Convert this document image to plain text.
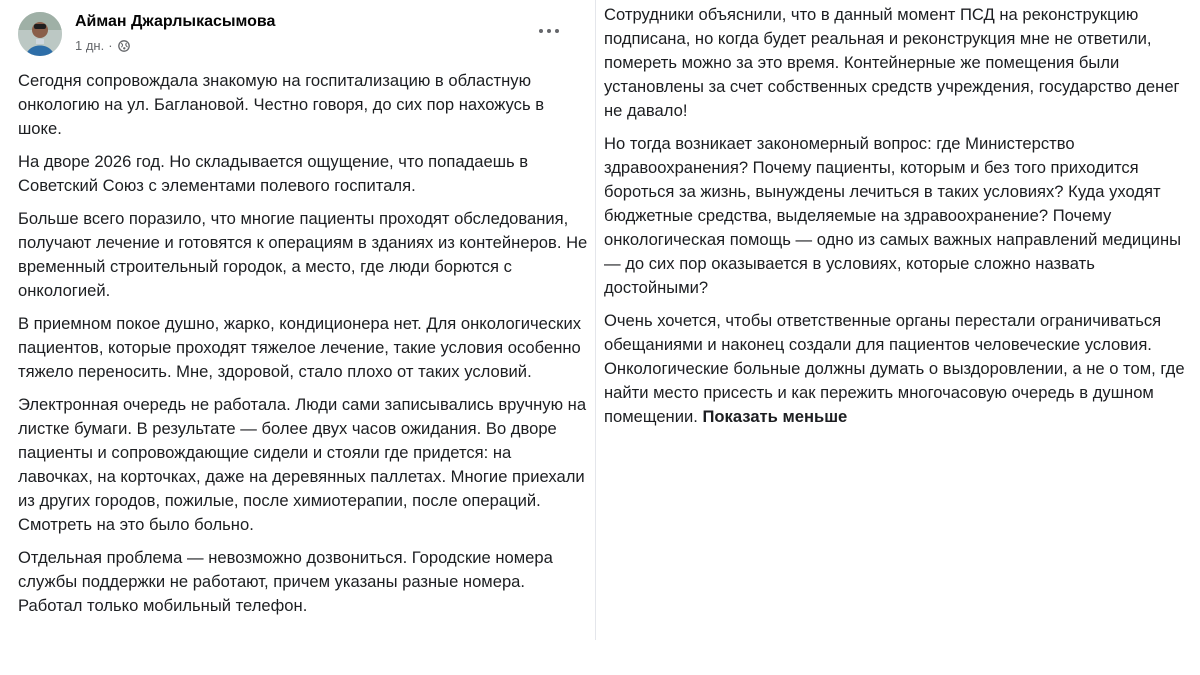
Айман Джарлыкасымова
1 дн. ·

Сегодня сопровождала знакомую на госпитализацию в областную онкологию на ул. Баглановой. Честно говоря, до сих пор нахожусь в шоке.

На дворе 2026 год. Но складывается ощущение, что попадаешь в Советский Союз с элементами полевого госпиталя.

Больше всего поразило, что многие пациенты проходят обследования, получают лечение и готовятся к операциям в зданиях из контейнеров. Не временный строительный городок, а место, где люди борются с онкологией.

В приемном покое душно, жарко, кондиционера нет. Для онкологических пациентов, которые проходят тяжелое лечение, такие условия особенно тяжело переносить. Мне, здоровой, стало плохо от таких условий.

Электронная очередь не работала. Люди сами записывались вручную на листке бумаги. В результате — более двух часов ожидания. Во дворе пациенты и сопровождающие сидели и стояли где придется: на лавочках, на корточках, даже на деревянных паллетах. Многие приехали из других городов, пожилые, после химиотерапии, после операций. Смотреть на это было больно.

Отдельная проблема — невозможно дозвониться. Городские номера службы поддержки не работают, причем указаны разные номера. Работал только мобильный телефон.

Сотрудники объяснили, что в данный момент ПСД на реконструкцию подписана, но когда будет реальная и реконструкция мне не ответили, помереть можно за это время. Контейнерные же помещения были установлены за счет собственных средств учреждения, государство денег не давало!

Но тогда возникает закономерный вопрос: где Министерство здравоохранения? Почему пациенты, которым и без того приходится бороться за жизнь, вынуждены лечиться в таких условиях? Куда уходят бюджетные средства, выделяемые на здравоохранение? Почему онкологическая помощь — одно из самых важных направлений медицины — до сих пор оказывается в условиях, которые сложно назвать достойными?

Очень хочется, чтобы ответственные органы перестали ограничиваться обещаниями и наконец создали для пациентов человеческие условия. Онкологические больные должны думать о выздоровлении, а не о том, где найти место присесть и как пережить многочасовую очередь в душном помещении. Показать меньше
